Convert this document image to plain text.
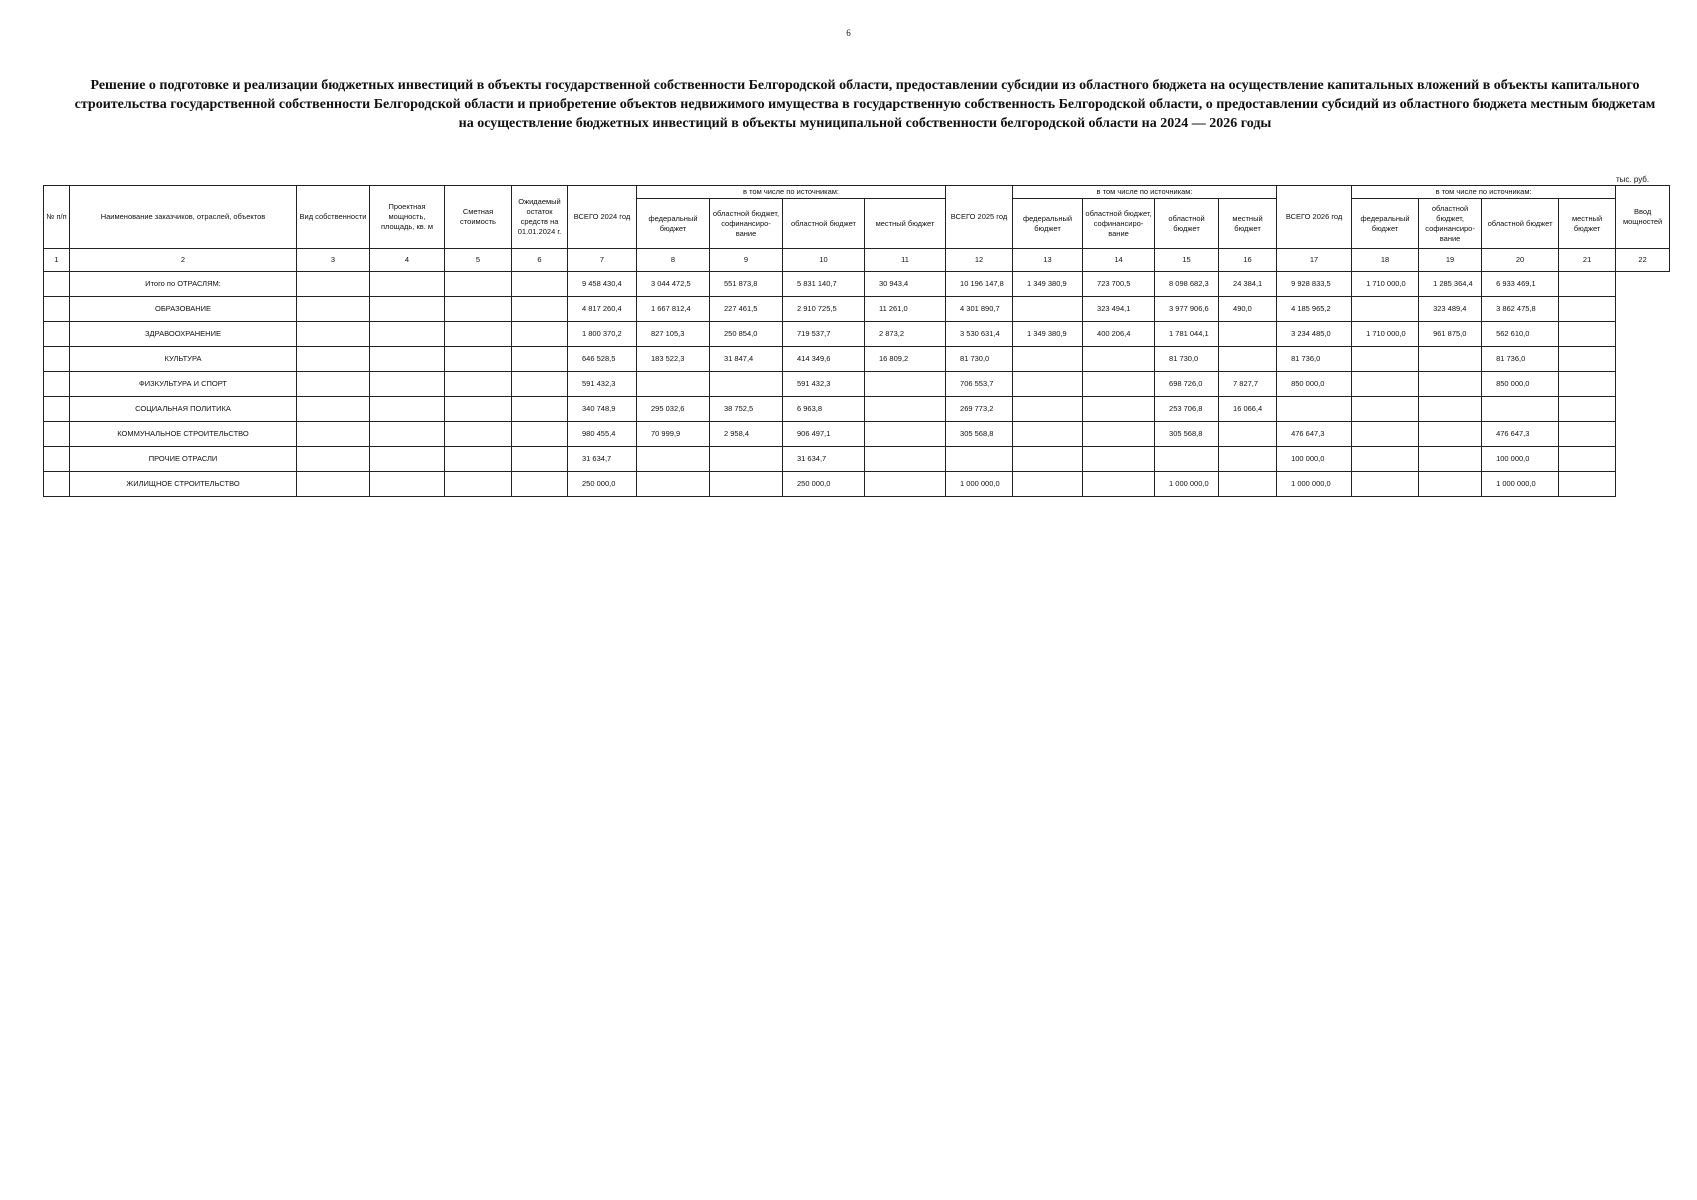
6
Решение о подготовке и реализации бюджетных инвестиций в объекты государственной собственности Белгородской области, предоставлении субсидии из областного бюджета на осуществление капитальных вложений в объекты капитального строительства государственной собственности Белгородской области и приобретение объектов недвижимого имущества в государственную собственность Белгородской области, о предоставлении субсидий из областного бюджета местным бюджетам на осуществление бюджетных инвестиций в объекты муниципальной собственности белгородской области на 2024 — 2026 годы
тыс. руб.
№ п/п	Наименование заказчиков, отраслей, объектов	Вид собственности	Проектная мощность, площадь, кв. м	Сметная стоимость	Ожидаемый остаток средств на 01.01.2024 г.	ВСЕГО 2024 год	в том числе по источникам:				ВСЕГО 2025 год	в том числе по источникам:				ВСЕГО 2026 год	в том числе по источникам:				Ввод мощностей
							федеральный бюджет	областной бюджет, софинансиро-вание	областной бюджет	местный бюджет		федеральный бюджет	областной бюджет, софинансиро-вание	областной бюджет	местный бюджет		федеральный бюджет	областной бюджет, софинансиро-вание	областной бюджет	местный бюджет	
1	2	3	4	5	6	7	8	9	10	11	12	13	14	15	16	17	18	19	20	21	22
	Итого по ОТРАСЛЯМ:					9 458 430,4	3 044 472,5	551 873,8	5 831 140,7	30 943,4	10 196 147,8	1 349 380,9	723 700,5	8 098 682,3	24 384,1	9 928 833,5	1 710 000,0	1 285 364,4	6 933 469,1		
	ОБРАЗОВАНИЕ					4 817 260,4	1 667 812,4	227 461,5	2 910 725,5	11 261,0	4 301 890,7		323 494,1	3 977 906,6	490,0	4 185 965,2		323 489,4	3 862 475,8		
	ЗДРАВООХРАНЕНИЕ					1 800 370,2	827 105,3	250 854,0	719 537,7	2 873,2	3 530 631,4	1 349 380,9	400 206,4	1 781 044,1		3 234 485,0	1 710 000,0	961 875,0	562 610,0		
	КУЛЬТУРА					646 528,5	183 522,3	31 847,4	414 349,6	16 809,2	81 730,0			81 730,0		81 736,0			81 736,0		
	ФИЗКУЛЬТУРА И СПОРТ					591 432,3			591 432,3		706 553,7			698 726,0	7 827,7	850 000,0			850 000,0		
	СОЦИАЛЬНАЯ ПОЛИТИКА					340 748,9	295 032,6	38 752,5	6 963,8		269 773,2			253 706,8	16 066,4						
	КОММУНАЛЬНОЕ СТРОИТЕЛЬСТВО					980 455,4	70 999,9	2 958,4	906 497,1		305 568,8			305 568,8		476 647,3			476 647,3		
	ПРОЧИЕ ОТРАСЛИ					31 634,7			31 634,7							100 000,0			100 000,0		
	ЖИЛИЩНОЕ СТРОИТЕЛЬСТВО					250 000,0			250 000,0		1 000 000,0			1 000 000,0		1 000 000,0			1 000 000,0		
